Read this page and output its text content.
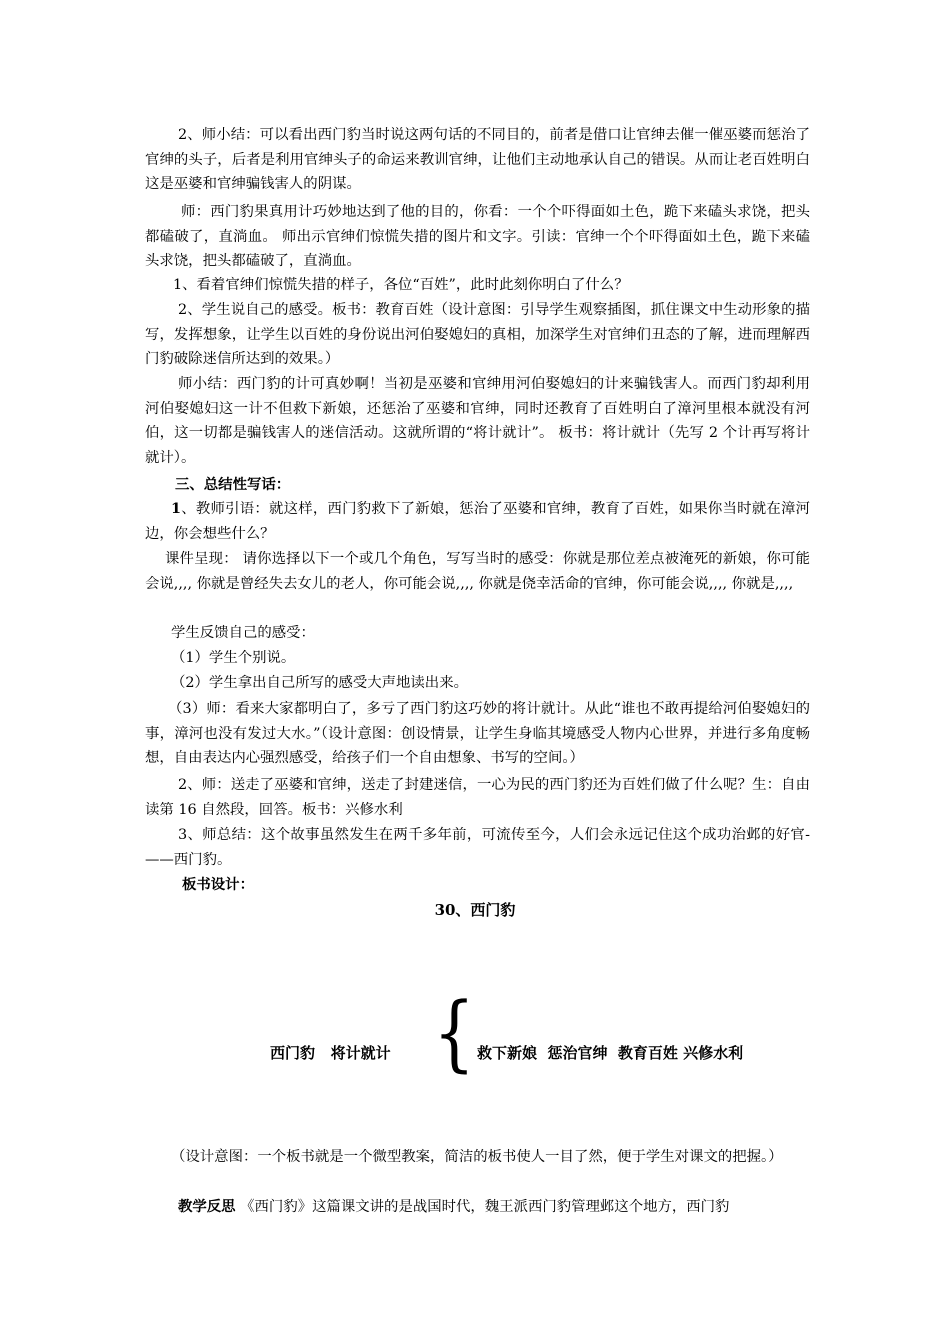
2、师小结：可以看出西门豹当时说这两句话的不同目的，前者是借口让官绅去催一催巫婆而惩治了官绅的头子，后者是利用官绅头子的命运来教训官绅，让他们主动地承认自己的错误。从而让老百姓明白这是巫婆和官绅骗钱害人的阴谋。
师：西门豹果真用计巧妙地达到了他的目的，你看：一个个吓得面如土色，跪下来磕头求饶，把头都磕破了，直淌血。 师出示官绅们惊慌失措的图片和文字。引读：官绅一个个吓得面如土色，跪下来磕头求饶，把头都磕破了，直淌血。
1、看着官绅们惊慌失措的样子，各位“百姓”，此时此刻你明白了什么？
2、学生说自己的感受。板书：教育百姓（设计意图：引导学生观察插图，抓住课文中生动形象的描写，发挥想象，让学生以百姓的身份说出河伯娶媳妇的真相，加深学生对官绅们丑态的了解，进而理解西门豹破除迷信所达到的效果。）
师小结：西门豹的计可真妙啊！当初是巫婆和官绅用河伯娶媳妇的计来骗钱害人。而西门豹却利用河伯娶媳妇这一计不但救下新娘，还惩治了巫婆和官绅，同时还教育了百姓明白了漳河里根本就没有河伯，这一切都是骗钱害人的迷信活动。这就所谓的“将计就计”。 板书：将计就计（先写 2 个计再写将计就计）。
三、总结性写话：
1、教师引语：就这样，西门豹救下了新娘，惩治了巫婆和官绅，教育了百姓，如果你当时就在漳河边，你会想些什么？
课件呈现： 请你选择以下一个或几个角色，写写当时的感受：你就是那位差点被淹死的新娘，你可能会说,,,, 你就是曾经失去女儿的老人，你可能会说,,,, 你就是侥幸活命的官绅，你可能会说,,,, 你就是,,,,
学生反馈自己的感受：
（1）学生个别说。
（2）学生拿出自己所写的感受大声地读出来。
（3）师：看来大家都明白了，多亏了西门豹这巧妙的将计就计。从此“谁也不敢再提给河伯娶媳妇的事，漳河也没有发过大水。”（设计意图：创设情景，让学生身临其境感受人物内心世界，并进行多角度畅想，自由表达内心强烈感受，给孩子们一个自由想象、书写的空间。）
2、师：送走了巫婆和官绅，送走了封建迷信，一心为民的西门豹还为百姓们做了什么呢？生：自由读第 16 自然段，回答。板书：兴修水利
3、师总结：这个故事虽然发生在两千多年前，可流传至今，人们会永远记住这个成功治邺的好官-——西门豹。
板书设计：
30、西门豹
西门豹   将计就计 { 救下新娘  惩治官绅  教育百姓 兴修水利
（设计意图：一个板书就是一个微型教案，简洁的板书使人一目了然，便于学生对课文的把握。）
教学反思 《西门豹》这篇课文讲的是战国时代，魏王派西门豹管理邺这个地方，西门豹
